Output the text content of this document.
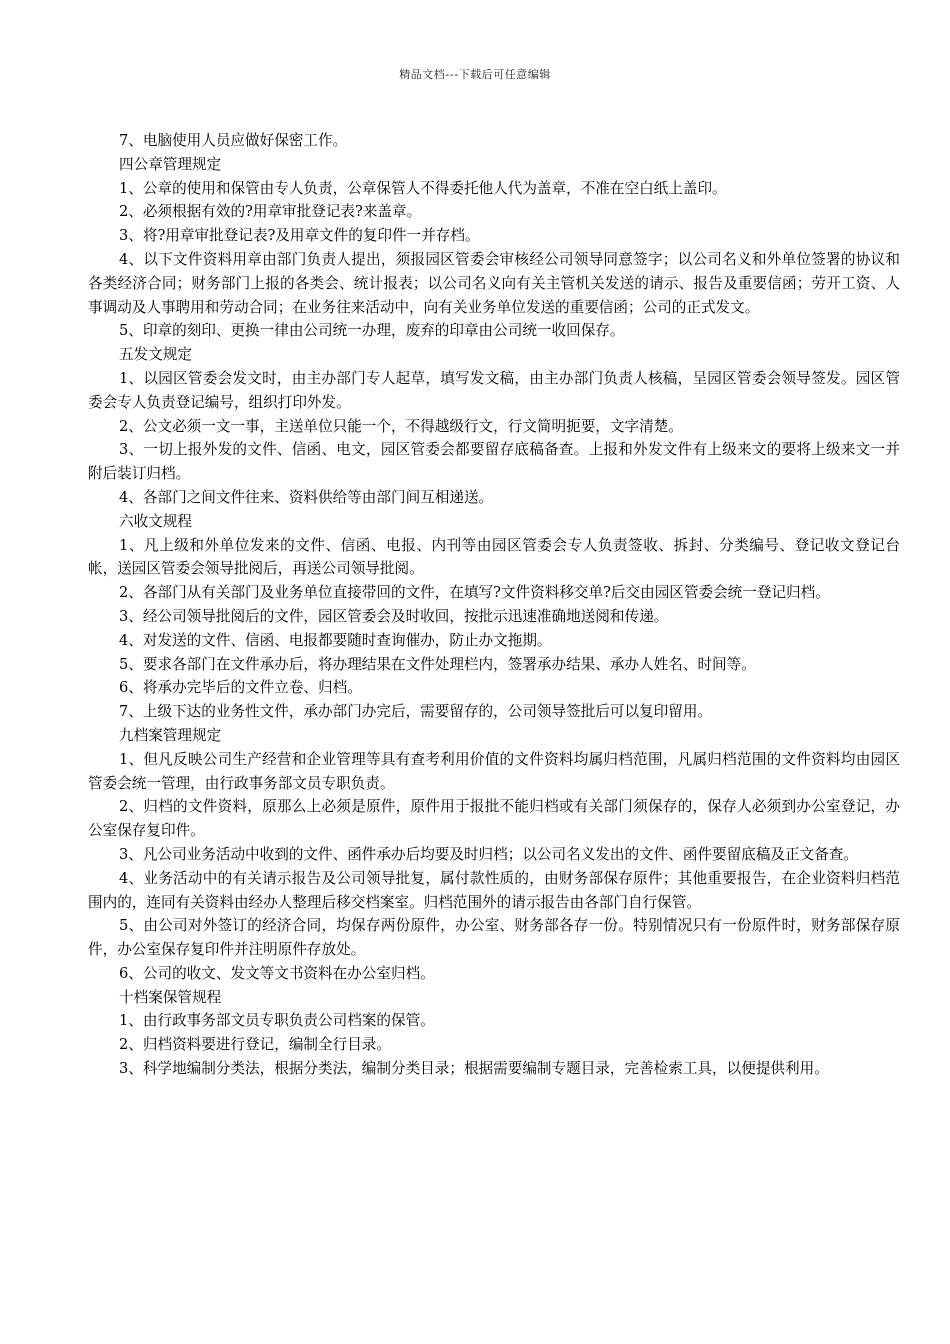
精品文档---下载后可任意编辑
7、电脑使用人员应做好保密工作。
四公章管理规定
1、公章的使用和保管由专人负责，公章保管人不得委托他人代为盖章，不准在空白纸上盖印。
2、必须根据有效的?用章审批登记表?来盖章。
3、将?用章审批登记表?及用章文件的复印件一并存档。
4、以下文件资料用章由部门负责人提出，须报园区管委会审核经公司领导同意签字；以公司名义和外单位签署的协议和各类经济合同；财务部门上报的各类会、统计报表；以公司名义向有关主管机关发送的请示、报告及重要信函；劳开工资、人事调动及人事聘用和劳动合同；在业务往来活动中，向有关业务单位发送的重要信函；公司的正式发文。
5、印章的刻印、更换一律由公司统一办理，废弃的印章由公司统一收回保存。
五发文规定
1、以园区管委会发文时，由主办部门专人起草，填写发文稿，由主办部门负责人核稿，呈园区管委会领导签发。园区管委会专人负责登记编号，组织打印外发。
2、公文必须一文一事，主送单位只能一个，不得越级行文，行文简明扼要，文字清楚。
3、一切上报外发的文件、信函、电文，园区管委会都要留存底稿备查。上报和外发文件有上级来文的要将上级来文一并附后装订归档。
4、各部门之间文件往来、资料供给等由部门间互相递送。
六收文规程
1、凡上级和外单位发来的文件、信函、电报、内刊等由园区管委会专人负责签收、拆封、分类编号、登记收文登记台帐，送园区管委会领导批阅后，再送公司领导批阅。
2、各部门从有关部门及业务单位直接带回的文件，在填写?文件资料移交单?后交由园区管委会统一登记归档。
3、经公司领导批阅后的文件，园区管委会及时收回，按批示迅速准确地送阅和传递。
4、对发送的文件、信函、电报都要随时查询催办，防止办文拖期。
5、要求各部门在文件承办后，将办理结果在文件处理栏内，签署承办结果、承办人姓名、时间等。
6、将承办完毕后的文件立卷、归档。
7、上级下达的业务性文件，承办部门办完后，需要留存的，公司领导签批后可以复印留用。
九档案管理规定
1、但凡反映公司生产经营和企业管理等具有查考利用价值的文件资料均属归档范围，凡属归档范围的文件资料均由园区管委会统一管理，由行政事务部文员专职负责。
2、归档的文件资料，原那么上必须是原件，原件用于报批不能归档或有关部门须保存的，保存人必须到办公室登记，办公室保存复印件。
3、凡公司业务活动中收到的文件、函件承办后均要及时归档；以公司名义发出的文件、函件要留底稿及正文备查。
4、业务活动中的有关请示报告及公司领导批复，属付款性质的，由财务部保存原件；其他重要报告，在企业资料归档范围内的，连同有关资料由经办人整理后移交档案室。归档范围外的请示报告由各部门自行保管。
5、由公司对外签订的经济合同，均保存两份原件，办公室、财务部各存一份。特别情况只有一份原件时，财务部保存原件，办公室保存复印件并注明原件存放处。
6、公司的收文、发文等文书资料在办公室归档。
十档案保管规程
1、由行政事务部文员专职负责公司档案的保管。
2、归档资料要进行登记，编制全行目录。
3、科学地编制分类法，根据分类法，编制分类目录；根据需要编制专题目录，完善检索工具，以便提供利用。
